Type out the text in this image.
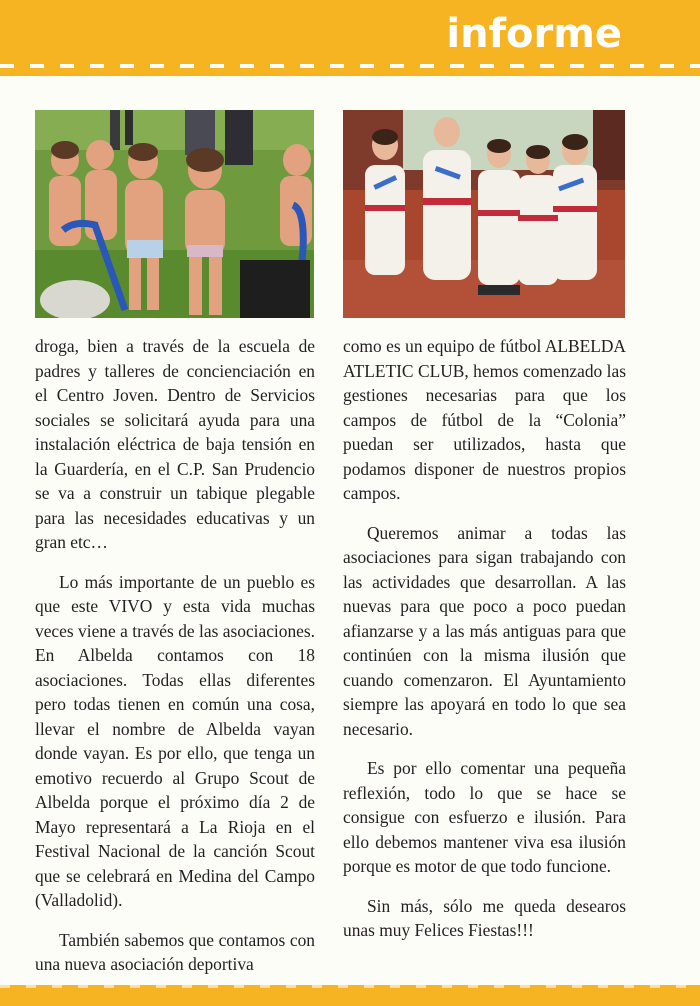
informe

droga, bien a través de la escuela de padres y talleres de concienciación en el Centro Joven. Dentro de Servicios sociales se solicitará ayuda para una instalación eléctrica de baja tensión en la Guardería, en el C.P. San Prudencio se va a construir un tabique plegable para las necesidades educativas y un gran etc…

Lo más importante de un pueblo es que este VIVO y esta vida muchas veces viene a través de las asociaciones. En Albelda contamos con 18 asociaciones. Todas ellas diferentes pero todas tienen en común una cosa, llevar el nombre de Albelda vayan donde vayan. Es por ello, que tenga un emotivo recuerdo al Grupo Scout de Albelda porque el próximo día 2 de Mayo representará a La Rioja en el Festival Nacional de la canción Scout que se celebrará en Medina del Campo (Valladolid).

También sabemos que contamos con una nueva asociación deportiva

como es un equipo de fútbol ALBELDA ATLETIC CLUB, hemos comenzado las gestiones necesarias para que los campos de fútbol de la “Colonia” puedan ser utilizados, hasta que podamos disponer de nuestros propios campos.

Queremos animar a todas las asociaciones para sigan trabajando con las actividades que desarrollan. A las nuevas para que poco a poco puedan afianzarse y a las más antiguas para que continúen con la misma ilusión que cuando comenzaron. El Ayuntamiento siempre las apoyará en todo lo que sea necesario.

Es por ello comentar una pequeña reflexión, todo lo que se hace se consigue con esfuerzo e ilusión. Para ello debemos mantener viva esa ilusión porque es motor de que todo funcione.

Sin más, sólo me queda desearos unas muy Felices Fiestas!!!
